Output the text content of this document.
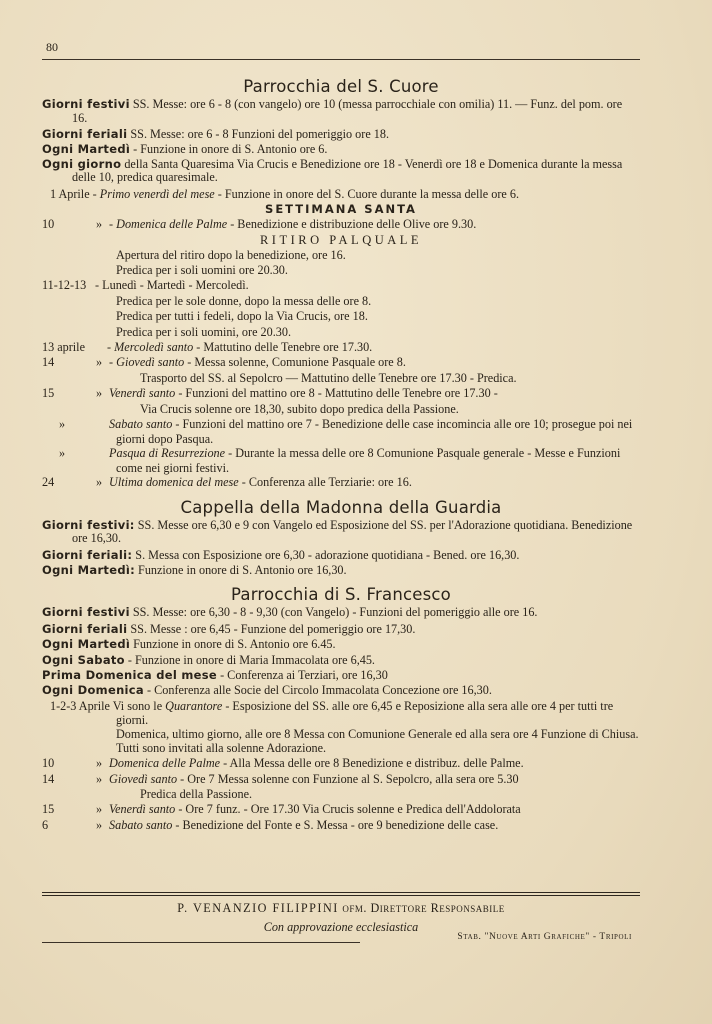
80
Parrocchia del S. Cuore
Giorni festivi SS. Messe: ore 6 - 8 (con vangelo) ore 10 (messa parrocchiale con omilia) 11. — Funz. del pom. ore 16.
Giorni feriali SS. Messe: ore 6 - 8 Funzioni del pomeriggio ore 18.
Ogni Martedì - Funzione in onore di S. Antonio ore 6.
Ogni giorno della Santa Quaresima Via Crucis e Benedizione ore 18 - Venerdì ore 18 e Domenica durante la messa delle 10, predica quaresimale.
1 Aprile - Primo venerdì del mese - Funzione in onore del S. Cuore durante la messa delle ore 6.
SETTIMANA SANTA
10	» - Domenica delle Palme - Benedizione e distribuzione delle Olive ore 9.30.
RITIRO PALQUALE
Apertura del ritiro dopo la benedizione, ore 16.
Predica per i soli uomini ore 20.30.
11-12-13 - Lunedì - Martedì - Mercoledì.
Predica per le sole donne, dopo la messa delle ore 8.
Predica per tutti i fedeli, dopo la Via Crucis, ore 18.
Predica per i soli uomini, ore 20.30.
13 aprile - Mercoledì santo - Mattutino delle Tenebre ore 17.30.
14	» - Giovedì santo - Messa solenne, Comunione Pasquale ore 8.
Trasporto del SS. al Sepolcro — Mattutino delle Tenebre ore 17.30 - Predica.
15	» Venerdì santo - Funzioni del mattino ore 8 - Mattutino delle Tenebre ore 17.30 -
Via Crucis solenne ore 18,30, subito dopo predica della Passione.
»	Sabato santo - Funzioni del mattino ore 7 - Benedizione delle case incomincia alle ore 10; prosegue poi nei giorni dopo Pasqua.
»	Pasqua di Resurrezione - Durante la messa delle ore 8 Comunione Pasquale generale - Messe e Funzioni come nei giorni festivi.
24	» Ultima domenica del mese - Conferenza alle Terziarie: ore 16.
Cappella della Madonna della Guardia
Giorni festivi: SS. Messe ore 6,30 e 9 con Vangelo ed Esposizione del SS. per l'Adorazione quotidiana. Benedizione ore 16,30.
Giorni feriali: S. Messa con Esposizione ore 6,30 - adorazione quotidiana - Bened. ore 16,30.
Ogni Martedì: Funzione in onore di S. Antonio ore 16,30.
Parrocchia di S. Francesco
Giorni festivi SS. Messe: ore 6,30 - 8 - 9,30 (con Vangelo) - Funzioni del pomeriggio alle ore 16.
Giorni feriali SS. Messe : ore 6,45 - Funzione del pomeriggio ore 17,30.
Ogni Martedì Funzione in onore di S. Antonio ore 6.45.
Ogni Sabato - Funzione in onore di Maria Immacolata ore 6,45.
Prima Domenica del mese - Conferenza ai Terziari, ore 16,30
Ogni Domenica - Conferenza alle Socie del Circolo Immacolata Concezione ore 16,30.
1-2-3 Aprile Vi sono le Quarantore - Esposizione del SS. alle ore 6,45 e Reposizione alla sera alle ore 4 per tutti tre giorni.
Domenica, ultimo giorno, alle ore 8 Messa con Comunione Generale ed alla sera ore 4 Funzione di Chiusa.
Tutti sono invitati alla solenne Adorazione.
10	» Domenica delle Palme - Alla Messa delle ore 8 Benedizione e distribuz. delle Palme.
14	» Giovedì santo - Ore 7 Messa solenne con Funzione al S. Sepolcro, alla sera ore 5.30
Predica della Passione.
15	» Venerdì santo - Ore 7 funz. - Ore 17.30 Via Crucis solenne e Predica dell'Addolorata
6	» Sabato santo - Benedizione del Fonte e S. Messa - ore 9 benedizione delle case.
P. VENANZIO FILIPPINI ofm. Direttore Responsabile
Con approvazione ecclesiastica
Stab. "Nuove Arti Grafiche" - Tripoli
